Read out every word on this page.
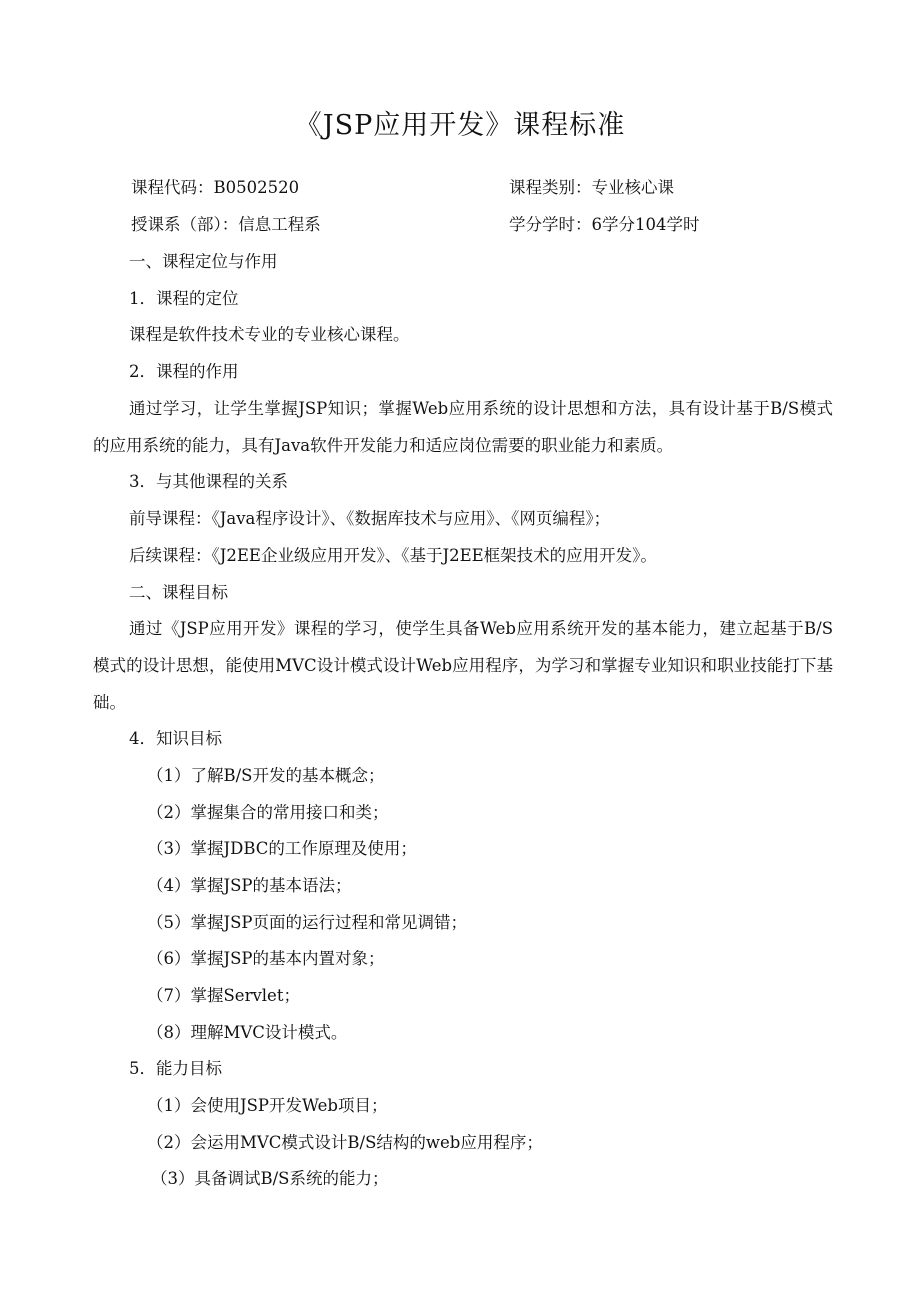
《JSP应用开发》课程标准
课程代码：B0502520	课程类别：专业核心课
授课系（部）：信息工程系	学分学时：6学分104学时
一、课程定位与作用
1．课程的定位
课程是软件技术专业的专业核心课程。
2．课程的作用
通过学习，让学生掌握JSP知识；掌握Web应用系统的设计思想和方法，具有设计基于B/S模式的应用系统的能力，具有Java软件开发能力和适应岗位需要的职业能力和素质。
3．与其他课程的关系
前导课程：《Java程序设计》、《数据库技术与应用》、《网页编程》；
后续课程：《J2EE企业级应用开发》、《基于J2EE框架技术的应用开发》。
二、课程目标
通过《JSP应用开发》课程的学习，使学生具备Web应用系统开发的基本能力，建立起基于B/S模式的设计思想，能使用MVC设计模式设计Web应用程序，为学习和掌握专业知识和职业技能打下基础。
4．知识目标
（1）了解B/S开发的基本概念；
（2）掌握集合的常用接口和类；
（3）掌握JDBC的工作原理及使用；
（4）掌握JSP的基本语法；
（5）掌握JSP页面的运行过程和常见调错；
（6）掌握JSP的基本内置对象；
（7）掌握Servlet；
（8）理解MVC设计模式。
5．能力目标
（1）会使用JSP开发Web项目；
（2）会运用MVC模式设计B/S结构的web应用程序；
（3）具备调试B/S系统的能力；
